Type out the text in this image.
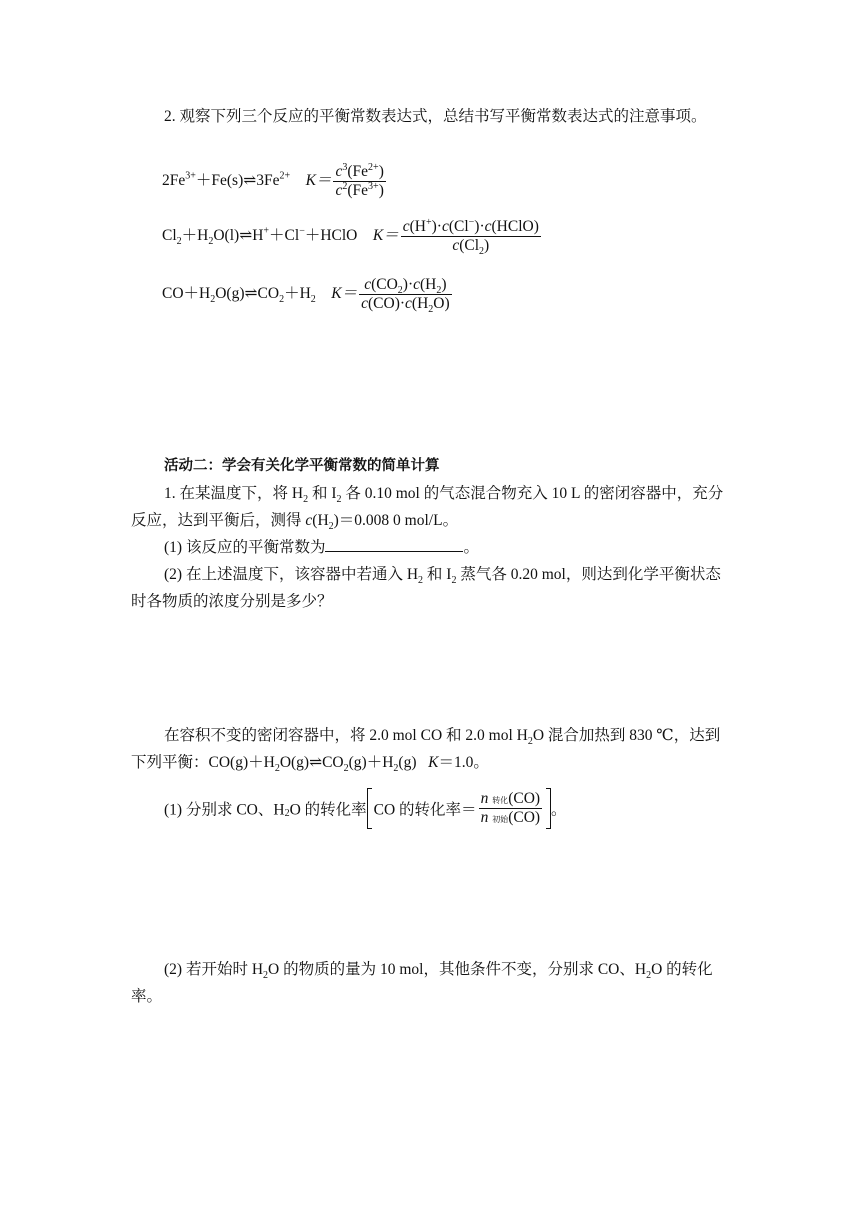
2. 观察下列三个反应的平衡常数表达式，总结书写平衡常数表达式的注意事项。
$2Fe^{3+}+Fe(s)\rightleftharpoons 3Fe^{2+}$ $K= \frac{c^3(Fe^{2+})}{c^2(Fe^{3+})}$
$Cl_2+H_2O(l)\rightleftharpoons H^++Cl^-+HClO$ $K= \frac{c(H^+)\cdot c(Cl^-)\cdot c(HClO)}{c(Cl_2)}$
$CO+H_2O(g)\rightleftharpoons CO_2+H_2$ $K= \frac{c(CO_2)\cdot c(H_2)}{c(CO)\cdot c(H_2O)}$
活动二：学会有关化学平衡常数的简单计算
1. 在某温度下，将 $H_2$ 和 $I_2$ 各 0.10 mol 的气态混合物充入 10 L 的密闭容器中，充分反应，达到平衡后，测得 $c(H_2)=0.008$ 0 mol/L。
(1) 该反应的平衡常数为	。
(2) 在上述温度下，该容器中若通入 $H_2$ 和 $I_2$ 蒸气各 0.20 mol，则达到化学平衡状态时各物质的浓度分别是多少？
在容积不变的密闭容器中，将 2.0 mol CO 和 2.0 mol $H_2O$ 混合加热到 830 ℃，达到下列平衡：$CO(g)+H_2O(g)\rightleftharpoons CO_2(g)+H_2(g)$ K＝1.0。
(1) 分别求 CO、$H_2O$ 的转化率 CO 的转化率＝ $\frac{\text{n 转化(CO)}}{\text{n 初始(CO)}}$ 。
(2) 若开始时 $H_2O$ 的物质的量为 10 mol，其他条件不变，分别求 CO、$H_2O$ 的转化率。
